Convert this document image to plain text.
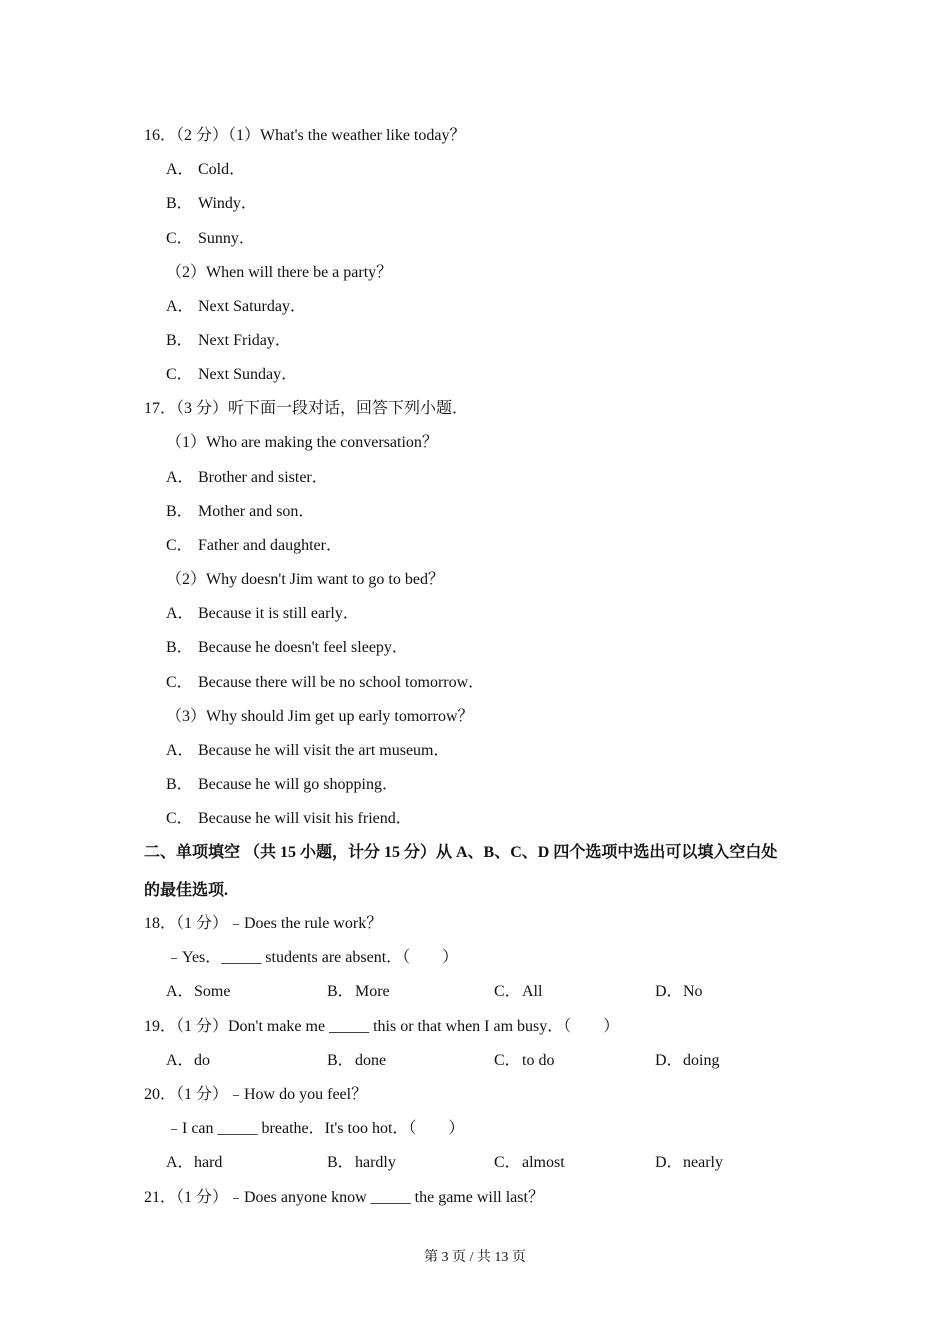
16．（2 分）（1）What's the weather like today？
A． Cold．
B． Windy．
C． Sunny．
（2）When will there be a party？
A． Next Saturday．
B． Next Friday．
C． Next Sunday．
17．（3 分）听下面一段对话，回答下列小题．
（1）Who are making the conversation？
A． Brother and sister．
B． Mother and son．
C． Father and daughter．
（2）Why doesn't Jim want to go to bed？
A． Because it is still early．
B． Because he doesn't feel sleepy．
C． Because there will be no school tomorrow．
（3）Why should Jim get up early tomorrow？
A． Because he will visit the art museum．
B． Because he will go shopping．
C． Because he will visit his friend．
二、单项填空 （共 15 小题，计分 15 分）从 A、B、C、D 四个选项中选出可以填入空白处
的最佳选项.
18．（1 分）﹣Does the rule work？
﹣Yes．_____ students are absent．（　　）
A．Some	B．More	C．All	D．No
19．（1 分）Don't make me _____ this or that when I am busy．（　　）
A．do	B．done	C．to do	D．doing
20．（1 分）﹣How do you feel？
﹣I can _____ breathe．It's too hot．（　　）
A．hard	B．hardly	C．almost	D．nearly
21．（1 分）﹣Does anyone know _____ the game will last？
第 3 页 / 共 13 页
